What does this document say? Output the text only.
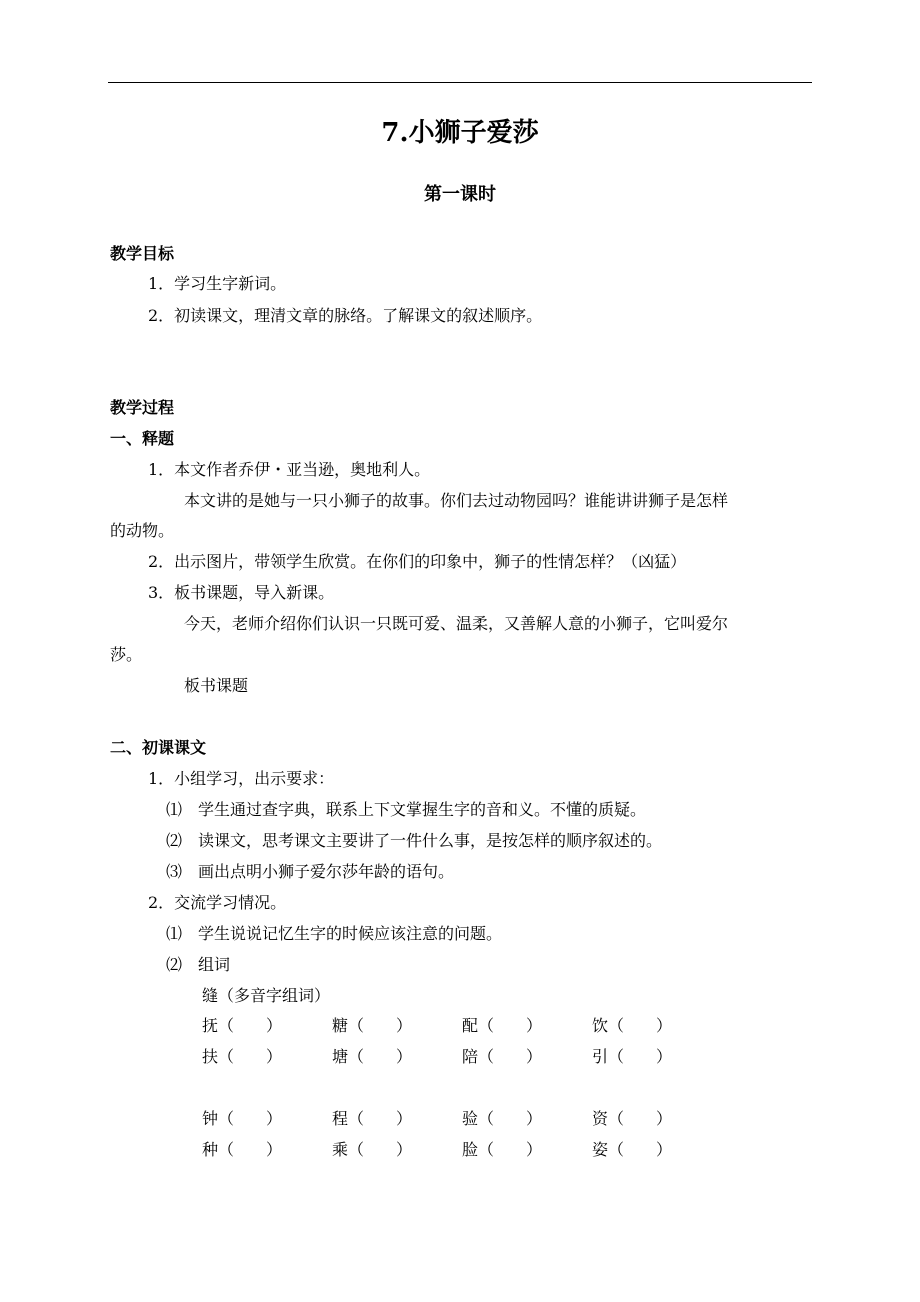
7.小狮子爱莎
第一课时
教学目标
1．学习生字新词。
2．初读课文，理清文章的脉络。了解课文的叙述顺序。
教学过程
一、释题
1．本文作者乔伊・亚当逊，奥地利人。
本文讲的是她与一只小狮子的故事。你们去过动物园吗？谁能讲讲狮子是怎样
的动物。
2．出示图片，带领学生欣赏。在你们的印象中，狮子的性情怎样？（凶猛）
3．板书课题，导入新课。
今天，老师介绍你们认识一只既可爱、温柔，又善解人意的小狮子，它叫爱尔
莎。
板书课题
二、初课课文
1．小组学习，出示要求：
⑴　学生通过查字典，联系上下文掌握生字的音和义。不懂的质疑。
⑵　读课文，思考课文主要讲了一件什么事，是按怎样的顺序叙述的。
⑶　画出点明小狮子爱尔莎年龄的语句。
2．交流学习情况。
⑴　学生说说记忆生字的时候应该注意的问题。
⑵　组词
缝（多音字组词）
抚（　　）	糖（　　）	配（　　）	饮（　　）
扶（　　）	塘（　　）	陪（　　）	引（　　）
钟（　　）	程（　　）	验（　　）	资（　　）
种（　　）	乘（　　）	脸（　　）	姿（　　）
